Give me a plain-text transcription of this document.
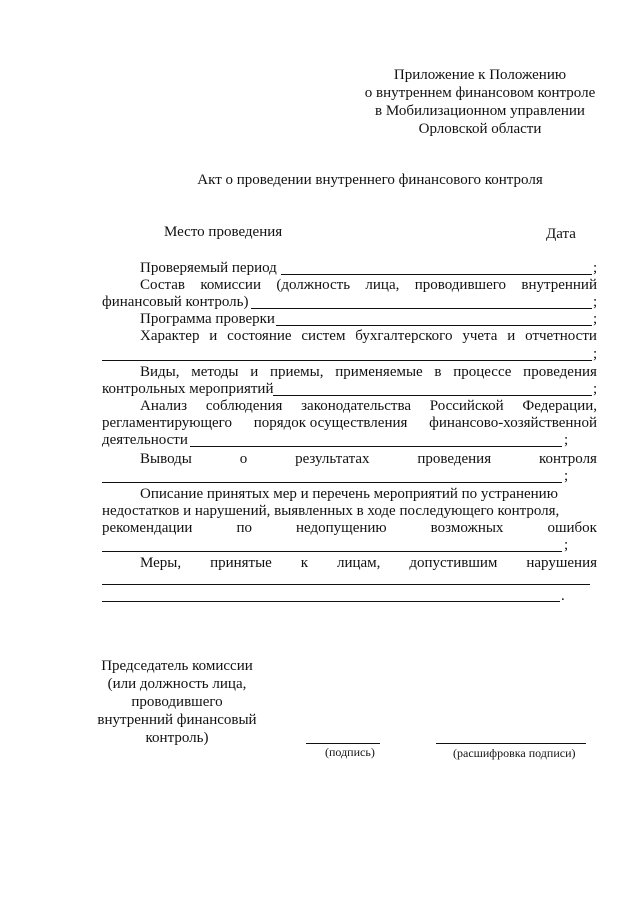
Приложение к Положению
о внутреннем финансовом контроле
в Мобилизационном управлении
Орловской области
Акт о проведении внутреннего финансового контроля
Место проведения	Дата
Проверяемый период	;
Состав комиссии (должность лица, проводившего внутренний
финансовый контроль)	;
Программа проверки	;
Характер и состояние систем бухгалтерского учета и отчетности
;
Виды, методы и приемы, применяемые в процессе проведения
контрольных мероприятий	;
Анализ соблюдения законодательства Российской Федерации,
регламентирующего порядок осуществления финансово-хозяйственной
деятельности	;
Выводы	о	результатах	проведения	контроля
;
Описание принятых мер и перечень мероприятий по устранению
недостатков и нарушений, выявленных в ходе последующего контроля,
рекомендации	по	недопущению	возможных	ошибок
;
Меры, принятые к лицам, допустившим нарушения
.
Председатель комиссии
(или должность лица,
проводившего
внутренний финансовый
контроль)
(подпись)	(расшифровка подписи)
